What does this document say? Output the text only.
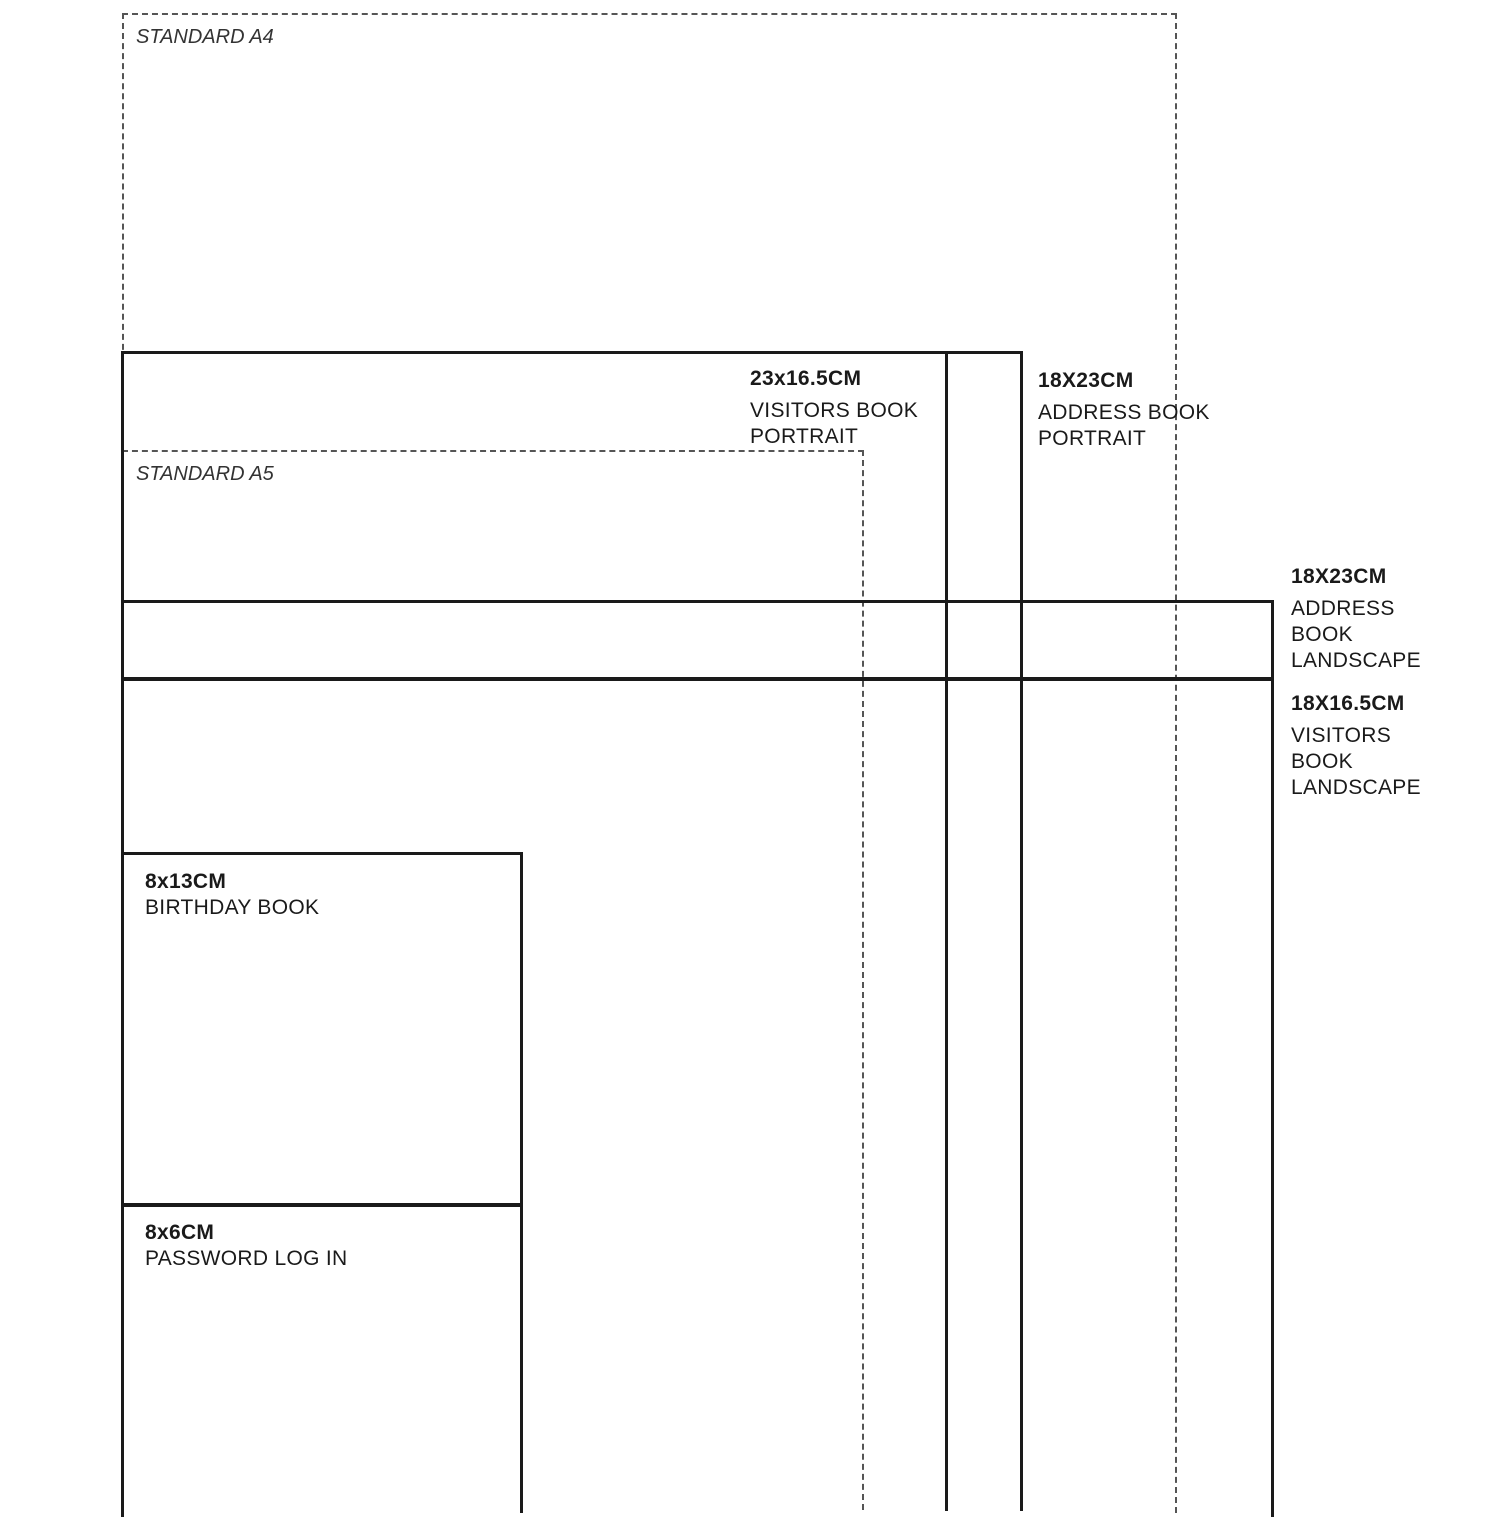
STANDARD A4
STANDARD A5
23x16.5CM
VISITORS BOOK
PORTRAIT
18X23CM
ADDRESS BOOK
PORTRAIT
18X23CM
ADDRESS
BOOK
LANDSCAPE
18X16.5CM
VISITORS
BOOK
LANDSCAPE
8x13CM
BIRTHDAY BOOK
8x6CM
PASSWORD LOG IN
